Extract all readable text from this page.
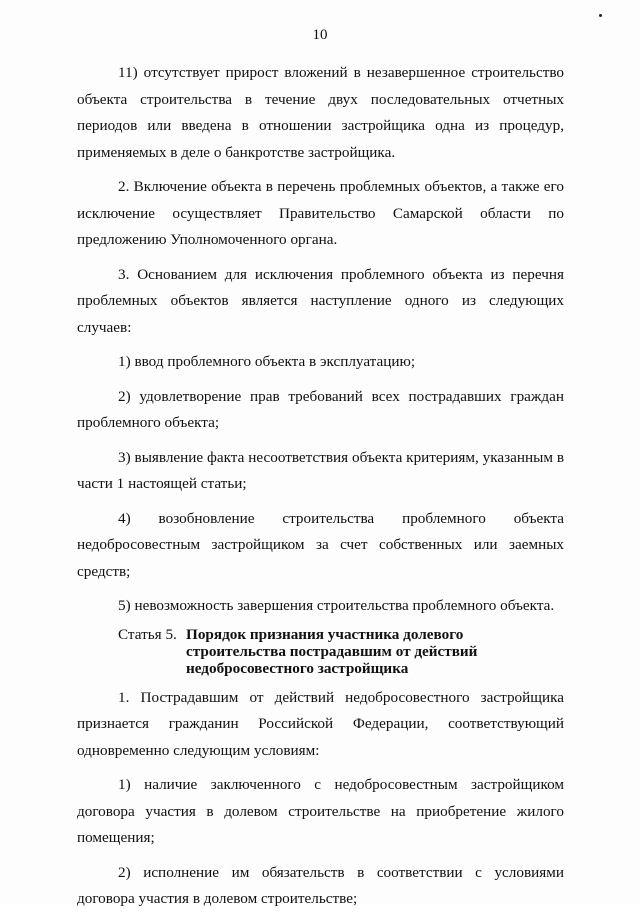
10

11) отсутствует прирост вложений в незавершенное строительство объекта строительства в течение двух последовательных отчетных периодов или введена в отношении застройщика одна из процедур, применяемых в деле о банкротстве застройщика.

2. Включение объекта в перечень проблемных объектов, а также его исключение осуществляет Правительство Самарской области по предложению Уполномоченного органа.

3. Основанием для исключения проблемного объекта из перечня проблемных объектов является наступление одного из следующих случаев:

1) ввод проблемного объекта в эксплуатацию;

2) удовлетворение прав требований всех пострадавших граждан проблемного объекта;

3) выявление факта несоответствия объекта критериям, указанным в части 1 настоящей статьи;

4) возобновление строительства проблемного объекта недобросовестным застройщиком за счет собственных или заемных средств;

5) невозможность завершения строительства проблемного объекта.

Статья 5. Порядок признания участника долевого строительства пострадавшим от действий недобросовестного застройщика

1. Пострадавшим от действий недобросовестного застройщика признается гражданин Российской Федерации, соответствующий одновременно следующим условиям:

1) наличие заключенного с недобросовестным застройщиком договора участия в долевом строительстве на приобретение жилого помещения;

2) исполнение им обязательств в соответствии с условиями договора участия в долевом строительстве;
